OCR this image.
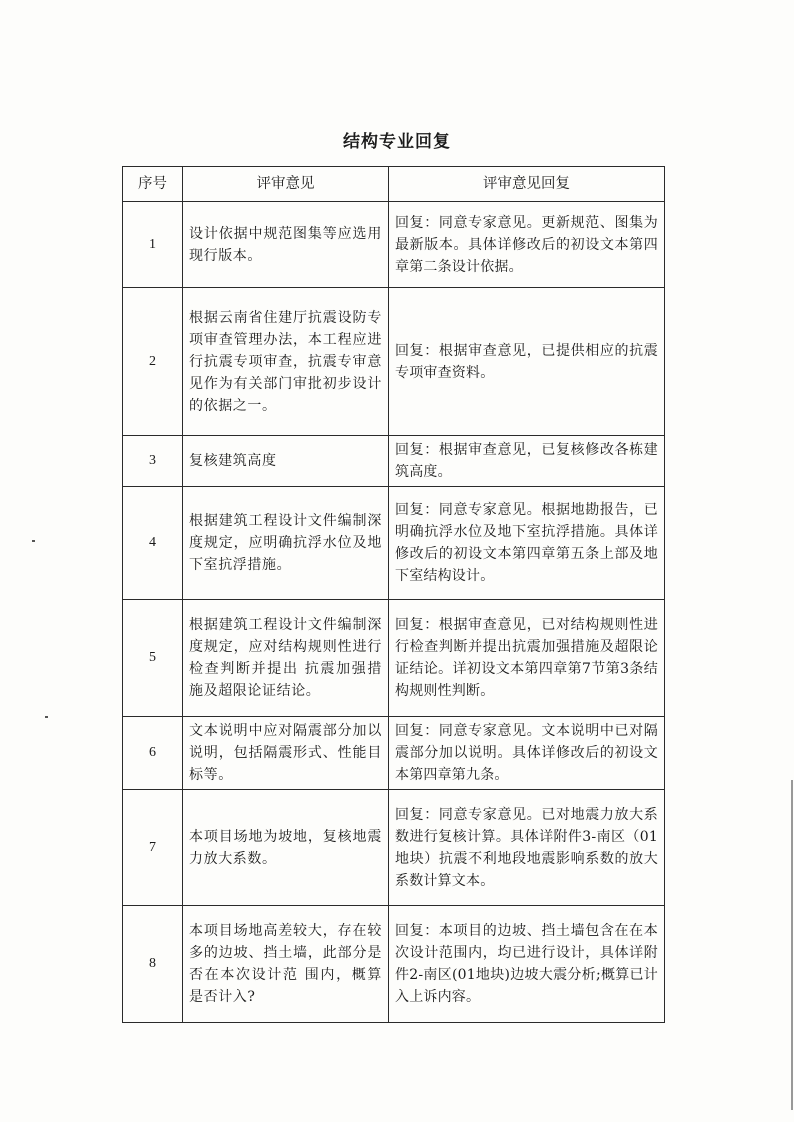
结构专业回复
序号	评审意见	评审意见回复
1	设计依据中规范图集等应选用现行版本。	回复：同意专家意见。更新规范、图集为最新版本。具体详修改后的初设文本第四章第二条设计依据。
2	根据云南省住建厅抗震设防专项审查管理办法，本工程应进行抗震专项审查，抗震专审意见作为有关部门审批初步设计的依据之一。	回复：根据审查意见，已提供相应的抗震专项审查资料。
3	复核建筑高度	回复：根据审查意见，已复核修改各栋建筑高度。
4	根据建筑工程设计文件编制深度规定，应明确抗浮水位及地下室抗浮措施。	回复：同意专家意见。根据地勘报告，已明确抗浮水位及地下室抗浮措施。具体详修改后的初设文本第四章第五条上部及地下室结构设计。
5	根据建筑工程设计文件编制深度规定，应对结构规则性进行检查判断并提出 抗震加强措施及超限论证结论。	回复：根据审查意见，已对结构规则性进行检查判断并提出抗震加强措施及超限论证结论。详初设文本第四章第7节第3条结构规则性判断。
6	文本说明中应对隔震部分加以说明，包括隔震形式、性能目标等。	回复：同意专家意见。文本说明中已对隔震部分加以说明。具体详修改后的初设文本第四章第九条。
7	本项目场地为坡地，复核地震力放大系数。	回复：同意专家意见。已对地震力放大系数进行复核计算。具体详附件3-南区（01地块）抗震不利地段地震影响系数的放大系数计算文本。
8	本项目场地高差较大，存在较多的边坡、挡土墙，此部分是否在本次设计范 围内，概算是否计入?	回复：本项目的边坡、挡土墙包含在在本次设计范围内，均已进行设计，具体详附件2-南区(01地块)边坡大震分析;概算已计入上诉内容。
